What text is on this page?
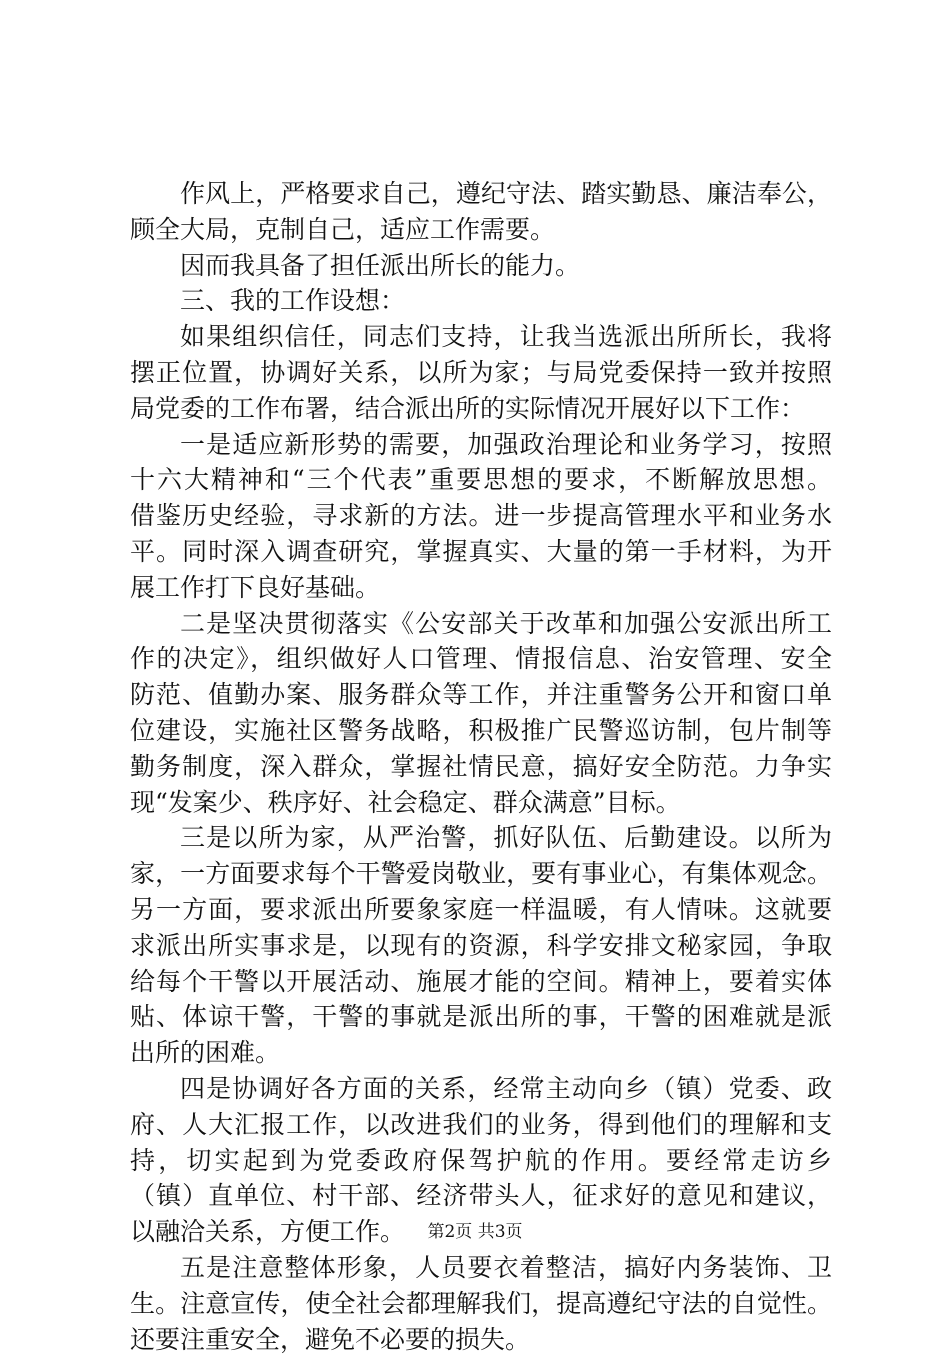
作风上，严格要求自己，遵纪守法、踏实勤恳、廉洁奉公，
顾全大局，克制自己，适应工作需要。
因而我具备了担任派出所长的能力。
三、我的工作设想：
如果组织信任，同志们支持，让我当选派出所所长，我将
摆正位置，协调好关系，以所为家；与局党委保持一致并按照
局党委的工作布署，结合派出所的实际情况开展好以下工作：
一是适应新形势的需要，加强政治理论和业务学习，按照
十六大精神和“三个代表”重要思想的要求，不断解放思想。
借鉴历史经验，寻求新的方法。进一步提高管理水平和业务水
平。同时深入调查研究，掌握真实、大量的第一手材料，为开
展工作打下良好基础。
二是坚决贯彻落实《公安部关于改革和加强公安派出所工
作的决定》，组织做好人口管理、情报信息、治安管理、安全
防范、值勤办案、服务群众等工作，并注重警务公开和窗口单
位建设，实施社区警务战略，积极推广民警巡访制，包片制等
勤务制度，深入群众，掌握社情民意，搞好安全防范。力争实
现“发案少、秩序好、社会稳定、群众满意”目标。
三是以所为家，从严治警，抓好队伍、后勤建设。以所为
家，一方面要求每个干警爱岗敬业，要有事业心，有集体观念。
另一方面，要求派出所要象家庭一样温暖，有人情味。这就要
求派出所实事求是，以现有的资源，科学安排文秘家园，争取
给每个干警以开展活动、施展才能的空间。精神上，要着实体
贴、体谅干警，干警的事就是派出所的事，干警的困难就是派
出所的困难。
四是协调好各方面的关系，经常主动向乡（镇）党委、政
府、人大汇报工作，以改进我们的业务，得到他们的理解和支
持，切实起到为党委政府保驾护航的作用。要经常走访乡
（镇）直单位、村干部、经济带头人，征求好的意见和建议，
以融洽关系，方便工作。
五是注意整体形象，人员要衣着整洁，搞好内务装饰、卫
生。注意宣传，使全社会都理解我们，提高遵纪守法的自觉性。
还要注重安全，避免不必要的损失。
第2页 共3页
